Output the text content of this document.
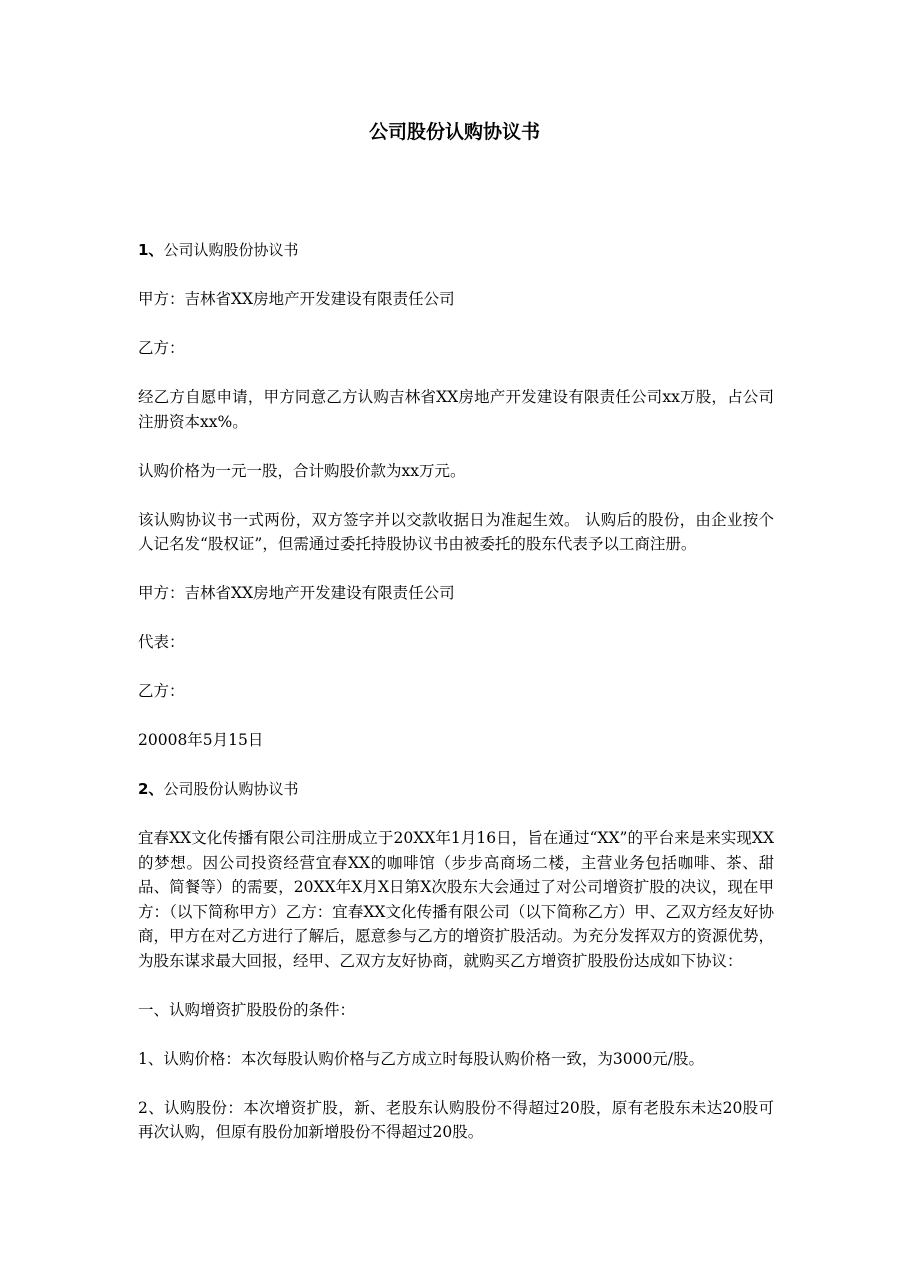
公司股份认购协议书

1、公司认购股份协议书

甲方：吉林省XX房地产开发建设有限责任公司

乙方：

经乙方自愿申请，甲方同意乙方认购吉林省XX房地产开发建设有限责任公司xx万股，占公司注册资本xx%。

认购价格为一元一股，合计购股价款为xx万元。

该认购协议书一式两份，双方签字并以交款收据日为准起生效。 认购后的股份，由企业按个人记名发“股权证”，但需通过委托持股协议书由被委托的股东代表予以工商注册。

甲方：吉林省XX房地产开发建设有限责任公司

代表：

乙方：

20008年5月15日

2、公司股份认购协议书

宜春XX文化传播有限公司注册成立于20XX年1月16日，旨在通过“XX”的平台来是来实现XX的梦想。因公司投资经营宜春XX的咖啡馆（步步高商场二楼，主营业务包括咖啡、茶、甜品、简餐等）的需要，20XX年X月X日第X次股东大会通过了对公司增资扩股的决议，现在甲方：（以下简称甲方）乙方：宜春XX文化传播有限公司（以下简称乙方）甲、乙双方经友好协商，甲方在对乙方进行了解后，愿意参与乙方的增资扩股活动。为充分发挥双方的资源优势，为股东谋求最大回报，经甲、乙双方友好协商，就购买乙方增资扩股股份达成如下协议：

一、认购增资扩股股份的条件：

1、认购价格：本次每股认购价格与乙方成立时每股认购价格一致，为3000元/股。

2、认购股份：本次增资扩股，新、老股东认购股份不得超过20股，原有老股东未达20股可再次认购，但原有股份加新增股份不得超过20股。
